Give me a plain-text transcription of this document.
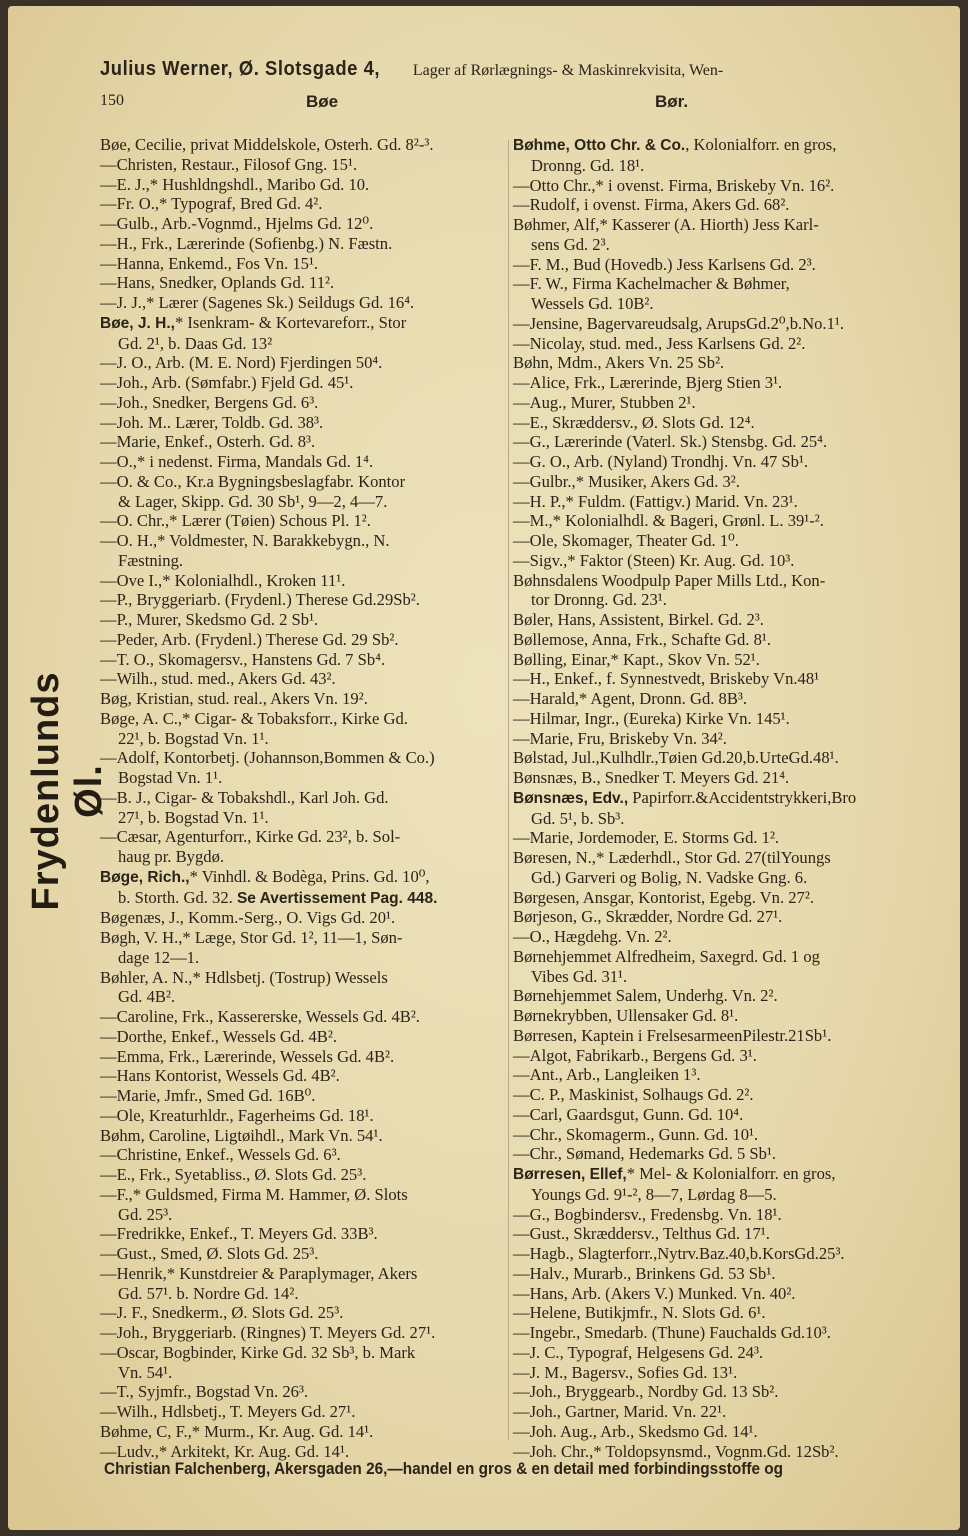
Julius Werner, Ø. Slotsgade 4, Lager af Rørlægnings- & Maskinrekvisita, Wen-
150	Bøe	Bør.
Frydenlunds Øl.
Bøe, Cecilie, privat Middelskole, Osterh. Gd. 8²-³.
—Christen, Restaur., Filosof Gng. 15¹.
—E. J.,* Hushldngshdl., Maribo Gd. 10.
—Fr. O.,* Typograf, Bred Gd. 4².
—Gulb., Arb.-Vognmd., Hjelms Gd. 12⁰.
—H., Frk., Lærerinde (Sofienbg.) N. Fæstn.
—Hanna, Enkemd., Fos Vn. 15¹.
—Hans, Snedker, Oplands Gd. 11².
—J. J.,* Lærer (Sagenes Sk.) Seildugs Gd. 16⁴.
Bøe, J. H.,* Isenkram- & Kortevareforr., Stor
Gd. 2¹, b. Daas Gd. 13²
—J. O., Arb. (M. E. Nord) Fjerdingen 50⁴.
—Joh., Arb. (Sømfabr.) Fjeld Gd. 45¹.
—Joh., Snedker, Bergens Gd. 6³.
—Joh. M.. Lærer, Toldb. Gd. 38³.
—Marie, Enkef., Osterh. Gd. 8³.
—O.,* i nedenst. Firma, Mandals Gd. 1⁴.
—O. & Co., Kr.a Bygningsbeslagfabr. Kontor
& Lager, Skipp. Gd. 30 Sb¹, 9—2, 4—7.
—O. Chr.,* Lærer (Tøien) Schous Pl. 1².
—O. H.,* Voldmester, N. Barakkebygn., N.
Fæstning.
—Ove I.,* Kolonialhdl., Kroken 11¹.
—P., Bryggeriarb. (Frydenl.) Therese Gd.29Sb².
—P., Murer, Skedsmo Gd. 2 Sb¹.
—Peder, Arb. (Frydenl.) Therese Gd. 29 Sb².
—T. O., Skomagersv., Hanstens Gd. 7 Sb⁴.
—Wilh., stud. med., Akers Gd. 43².
Bøg, Kristian, stud. real., Akers Vn. 19².
Bøge, A. C.,* Cigar- & Tobaksforr., Kirke Gd.
22¹, b. Bogstad Vn. 1¹.
—Adolf, Kontorbetj. (Johannson,Bommen & Co.)
Bogstad Vn. 1¹.
—B. J., Cigar- & Tobakshdl., Karl Joh. Gd.
27¹, b. Bogstad Vn. 1¹.
—Cæsar, Agenturforr., Kirke Gd. 23², b. Sol-
haug pr. Bygdø.
Bøge, Rich.,* Vinhdl. & Bodèga, Prins. Gd. 10⁰,
b. Storth. Gd. 32. Se Avertissement Pag. 448.
Bøgenæs, J., Komm.-Serg., O. Vigs Gd. 20¹.
Bøgh, V. H.,* Læge, Stor Gd. 1², 11—1, Søn-
dage 12—1.
Bøhler, A. N.,* Hdlsbetj. (Tostrup) Wessels
Gd. 4B².
—Caroline, Frk., Kassererske, Wessels Gd. 4B².
—Dorthe, Enkef., Wessels Gd. 4B².
—Emma, Frk., Lærerinde, Wessels Gd. 4B².
—Hans Kontorist, Wessels Gd. 4B².
—Marie, Jmfr., Smed Gd. 16B⁰.
—Ole, Kreaturhldr., Fagerheims Gd. 18¹.
Bøhm, Caroline, Ligtøihdl., Mark Vn. 54¹.
—Christine, Enkef., Wessels Gd. 6³.
—E., Frk., Syetabliss., Ø. Slots Gd. 25³.
—F.,* Guldsmed, Firma M. Hammer, Ø. Slots
Gd. 25³.
—Fredrikke, Enkef., T. Meyers Gd. 33B³.
—Gust., Smed, Ø. Slots Gd. 25³.
—Henrik,* Kunstdreier & Paraplymager, Akers
Gd. 57¹. b. Nordre Gd. 14².
—J. F., Snedkerm., Ø. Slots Gd. 25³.
—Joh., Bryggeriarb. (Ringnes) T. Meyers Gd. 27¹.
—Oscar, Bogbinder, Kirke Gd. 32 Sb³, b. Mark
Vn. 54¹.
—T., Syjmfr., Bogstad Vn. 26³.
—Wilh., Hdlsbetj., T. Meyers Gd. 27¹.
Bøhme, C, F.,* Murm., Kr. Aug. Gd. 14¹.
—Ludv.,* Arkitekt, Kr. Aug. Gd. 14¹.
Bøhme, Otto Chr. & Co., Kolonialforr. en gros,
Dronng. Gd. 18¹.
—Otto Chr.,* i ovenst. Firma, Briskeby Vn. 16².
—Rudolf, i ovenst. Firma, Akers Gd. 68².
Bøhmer, Alf,* Kasserer (A. Hiorth) Jess Karl-
sens Gd. 2³.
—F. M., Bud (Hovedb.) Jess Karlsens Gd. 2³.
—F. W., Firma Kachelmacher & Bøhmer,
Wessels Gd. 10B².
—Jensine, Bagervareudsalg, ArupsGd.2⁰,b.No.1¹.
—Nicolay, stud. med., Jess Karlsens Gd. 2².
Bøhn, Mdm., Akers Vn. 25 Sb².
—Alice, Frk., Lærerinde, Bjerg Stien 3¹.
—Aug., Murer, Stubben 2¹.
—E., Skræddersv., Ø. Slots Gd. 12⁴.
—G., Lærerinde (Vaterl. Sk.) Stensbg. Gd. 25⁴.
—G. O., Arb. (Nyland) Trondhj. Vn. 47 Sb¹.
—Gulbr.,* Musiker, Akers Gd. 3².
—H. P.,* Fuldm. (Fattigv.) Marid. Vn. 23¹.
—M.,* Kolonialhdl. & Bageri, Grønl. L. 39¹-².
—Ole, Skomager, Theater Gd. 1⁰.
—Sigv.,* Faktor (Steen) Kr. Aug. Gd. 10³.
Bøhnsdalens Woodpulp Paper Mills Ltd., Kon-
tor Dronng. Gd. 23¹.
Bøler, Hans, Assistent, Birkel. Gd. 2³.
Bøllemose, Anna, Frk., Schafte Gd. 8¹.
Bølling, Einar,* Kapt., Skov Vn. 52¹.
—H., Enkef., f. Synnestvedt, Briskeby Vn.48¹
—Harald,* Agent, Dronn. Gd. 8B³.
—Hilmar, Ingr., (Eureka) Kirke Vn. 145¹.
—Marie, Fru, Briskeby Vn. 34².
Bølstad, Jul.,Kulhdlr.,Tøien Gd.20,b.UrteGd.48¹.
Bønsnæs, B., Snedker T. Meyers Gd. 21⁴.
Bønsnæs, Edv., Papirforr.&Accidentstrykkeri,Bro
Gd. 5¹, b. Sb³.
—Marie, Jordemoder, E. Storms Gd. 1².
Børesen, N.,* Læderhdl., Stor Gd. 27(tilYoungs
Gd.) Garveri og Bolig, N. Vadske Gng. 6.
Børgesen, Ansgar, Kontorist, Egebg. Vn. 27².
Børjeson, G., Skrædder, Nordre Gd. 27¹.
—O., Hægdehg. Vn. 2².
Børnehjemmet Alfredheim, Saxegrd. Gd. 1 og
Vibes Gd. 31¹.
Børnehjemmet Salem, Underhg. Vn. 2².
Børnekrybben, Ullensaker Gd. 8¹.
Børresen, Kaptein i FrelsesarmeenPilestr.21Sb¹.
—Algot, Fabrikarb., Bergens Gd. 3¹.
—Ant., Arb., Langleiken 1³.
—C. P., Maskinist, Solhaugs Gd. 2².
—Carl, Gaardsgut, Gunn. Gd. 10⁴.
—Chr., Skomagerm., Gunn. Gd. 10¹.
—Chr., Sømand, Hedemarks Gd. 5 Sb¹.
Børresen, Ellef,* Mel- & Kolonialforr. en gros,
Youngs Gd. 9¹-², 8—7, Lørdag 8—5.
—G., Bogbindersv., Fredensbg. Vn. 18¹.
—Gust., Skræddersv., Telthus Gd. 17¹.
—Hagb., Slagterforr.,Nytrv.Baz.40,b.KorsGd.25³.
—Halv., Murarb., Brinkens Gd. 53 Sb¹.
—Hans, Arb. (Akers V.) Munked. Vn. 40².
—Helene, Butikjmfr., N. Slots Gd. 6¹.
—Ingebr., Smedarb. (Thune) Fauchalds Gd.10³.
—J. C., Typograf, Helgesens Gd. 24³.
—J. M., Bagersv., Sofies Gd. 13¹.
—Joh., Bryggearb., Nordby Gd. 13 Sb².
—Joh., Gartner, Marid. Vn. 22¹.
—Joh. Aug., Arb., Skedsmo Gd. 14¹.
—Joh. Chr.,* Toldopsynsmd., Vognm.Gd. 12Sb².
Christian Falchenberg, Akersgaden 26,—handel en gros & en detail med forbindingsstoffe og
